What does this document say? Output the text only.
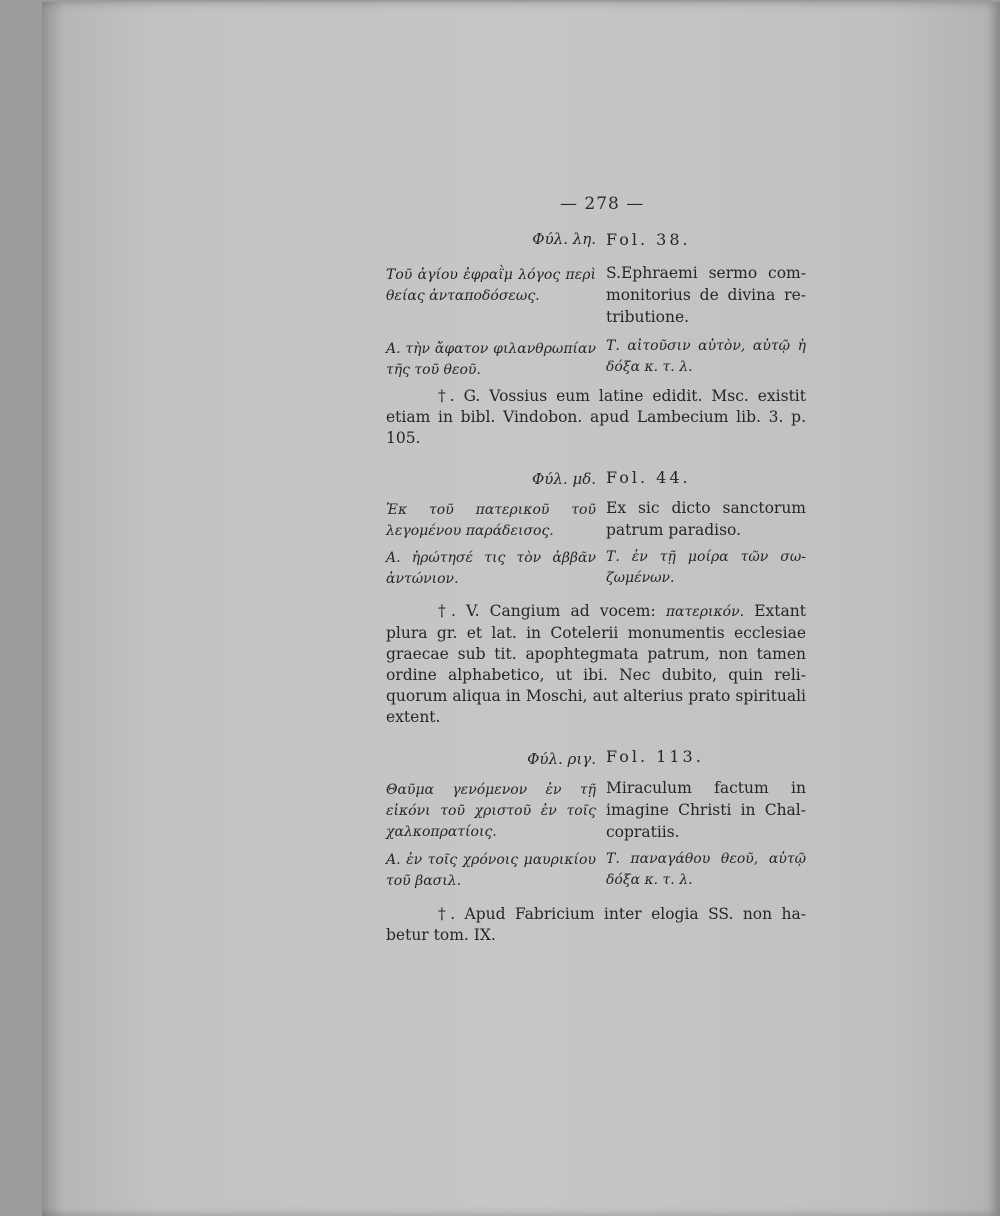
— 278 —
Φύλ. λη. Fol. 38.
Τοῦ ἁγίου ἐφραῒμ λόγος περὶ θείας ἀνταποδόσεως.
S.Ephraemi sermo commonitorius de divina retributione.
Α. τὴν ἄφατον φιλανθρωπίαν τῆς τοῦ θεοῦ.
Τ. αἰτοῦσιν αὐτὸν, αὐτῷ ἡ δόξα κ. τ. λ.
†. G. Vossius eum latine edidit. Msc. existit etiam in bibl. Vindobon. apud Lambecium lib. 3. p. 105.
Φύλ. μδ. Fol. 44.
Ἐκ τοῦ πατερικοῦ τοῦ λεγομένου παράδεισος.
Ex sic dicto sanctorum patrum paradiso.
Α. ἠρώτησέ τις τὸν ἀββᾶν ἀντώνιον.
Τ. ἐν τῇ μοίρα τῶν σωζωμένων.
†. V. Cangium ad vocem: πατερικόν. Extant plura gr. et lat. in Cotelerii monumentis ecclesiae graecae sub tit. apophtegmata patrum, non tamen ordine alphabetico, ut ibi. Nec dubito, quin reliquorum aliqua in Moschi, aut alterius prato spirituali extent.
Φύλ. ριγ. Fol. 113.
Θαῦμα γενόμενον ἐν τῇ εἰκόνι τοῦ χριστοῦ ἐν τοῖς χαλκοπρατίοις.
Miraculum factum in imagine Christi in Chalcopratiis.
Α. ἐν τοῖς χρόνοις μαυρικίου τοῦ βασιλ.
Τ. παναγάθου θεοῦ, αὐτῷ δόξα κ. τ. λ.
†. Apud Fabricium inter elogia SS. non habetur tom. IX.
